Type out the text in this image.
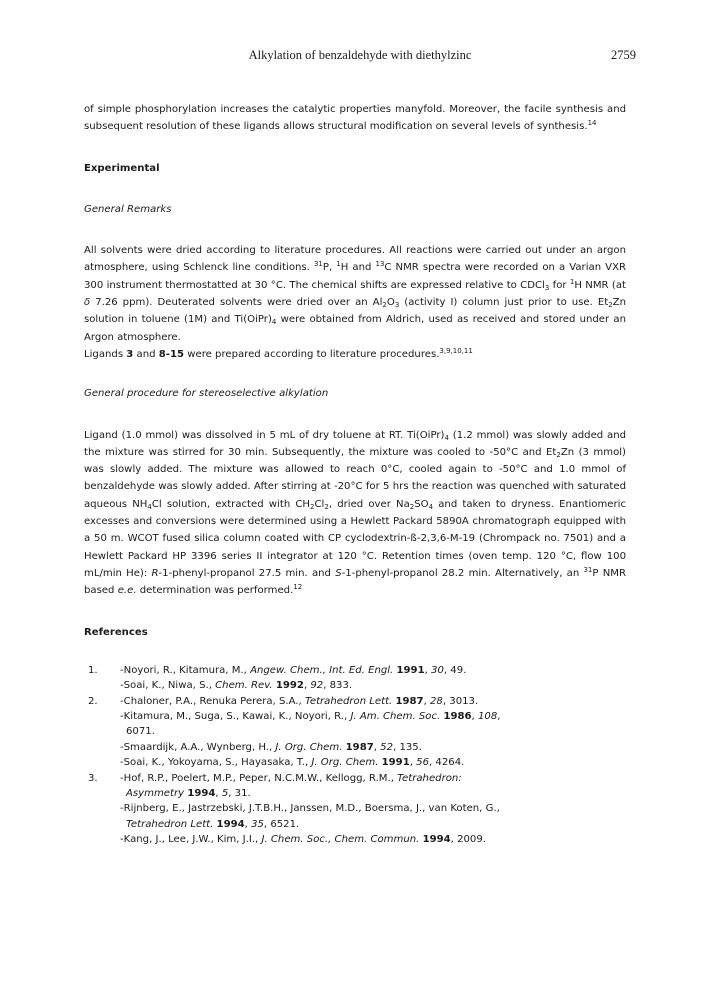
Alkylation of benzaldehyde with diethylzinc	2759

of simple phosphorylation increases the catalytic properties manyfold. Moreover, the facile synthesis and subsequent resolution of these ligands allows structural modification on several levels of synthesis.$^{14}$

Experimental
General Remarks

All solvents were dried according to literature procedures. All reactions were carried out under an argon atmosphere, using Schlenck line conditions. $^{31}$P, $^1$H and $^{13}$C NMR spectra were recorded on a Varian VXR 300 instrument thermostatted at 30 °C. The chemical shifts are expressed relative to CDCl$_3$ for $^1$H NMR (at δ 7.26 ppm). Deuterated solvents were dried over an $Al_2O_3$ (activity I) column just prior to use. $Et_2Zn$ solution in toluene (1M) and $Ti(OiPr)_4$ were obtained from Aldrich, used as received and stored under an Argon atmosphere.

Ligands 3 and 8-15 were prepared according to literature procedures.$^{3,9,10,11}$

General procedure for stereoselective alkylation

Ligand (1.0 mmol) was dissolved in 5 mL of dry toluene at RT. $Ti(OiPr)_4$ (1.2 mmol) was slowly added and the mixture was stirred for 30 min. Subsequently, the mixture was cooled to -50°C and $Et_2Zn$ (3 mmol) was slowly added. The mixture was allowed to reach 0°C, cooled again to -50°C and 1.0 mmol of benzaldehyde was slowly added. After stirring at -20°C for 5 hrs the reaction was quenched with saturated aqueous $NH_4Cl$ solution, extracted with $CH_2Cl_2$, dried over $Na_2SO_4$ and taken to dryness. Enantiomeric excesses and conversions were determined using a Hewlett Packard 5890A chromatograph equipped with a 50 m. WCOT fused silica column coated with CP cyclodextrin-ß-2,3,6-M-19 (Chrompack no. 7501) and a Hewlett Packard HP 3396 series II integrator at 120 °C. Retention times (oven temp. 120 °C, flow 100 mL/min He): R-1-phenyl-propanol 27.5 min. and S-1-phenyl-propanol 28.2 min. Alternatively, an $^{31}$P NMR based e.e. determination was performed.$^{12}$

References
1.	-Noyori, R., Kitamura, M., Angew. Chem., Int. Ed. Engl. 1991, 30, 49.
-Soai, K., Niwa, S., Chem. Rev. 1992, 92, 833.
2.	-Chaloner, P.A., Renuka Perera, S.A., Tetrahedron Lett. 1987, 28, 3013.
-Kitamura, M., Suga, S., Kawai, K., Noyori, R., J. Am. Chem. Soc. 1986, 108,
6071.
-Smaardijk, A.A., Wynberg, H., J. Org. Chem. 1987, 52, 135.
-Soai, K., Yokoyama, S., Hayasaka, T., J. Org. Chem. 1991, 56, 4264.
3.	-Hof, R.P., Poelert, M.P., Peper, N.C.M.W., Kellogg, R.M., Tetrahedron:
Asymmetry 1994, 5, 31.
-Rijnberg, E., Jastrzebski, J.T.B.H., Janssen, M.D., Boersma, J., van Koten, G.,
Tetrahedron Lett. 1994, 35, 6521.
-Kang, J., Lee, J.W., Kim, J.I., J. Chem. Soc., Chem. Commun. 1994, 2009.
